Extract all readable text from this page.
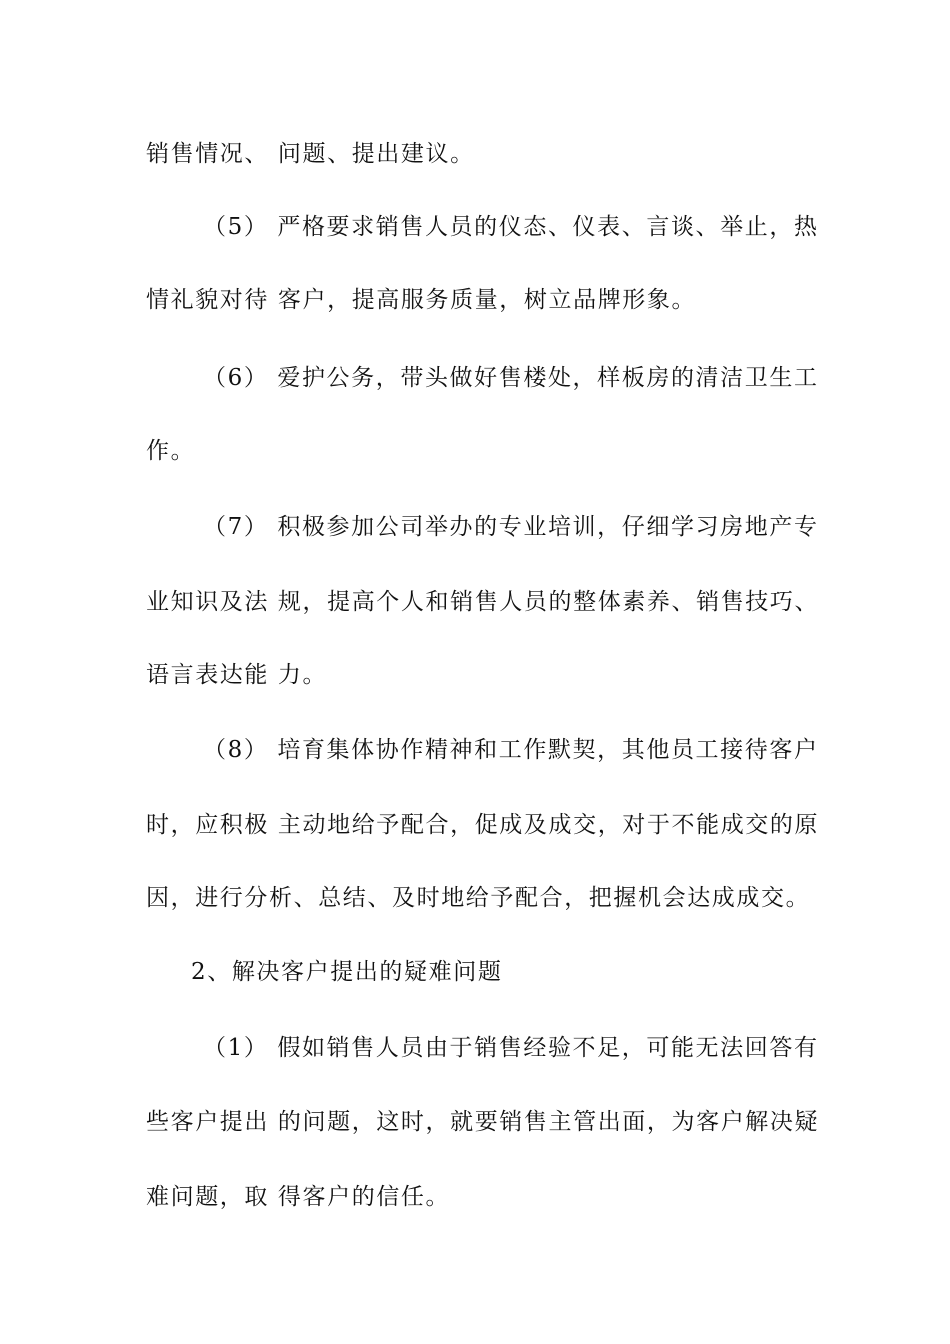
销售情况、 问题、提出建议。
（5） 严格要求销售人员的仪态、仪表、言谈、举止，热
情礼貌对待 客户，提高服务质量，树立品牌形象。
（6） 爱护公务，带头做好售楼处，样板房的清洁卫生工
作。
（7） 积极参加公司举办的专业培训，仔细学习房地产专
业知识及法 规，提高个人和销售人员的整体素养、销售技巧、
语言表达能 力。
（8） 培育集体协作精神和工作默契，其他员工接待客户
时，应积极 主动地给予配合，促成及成交，对于不能成交的原
因，进行分析、总结、及时地给予配合，把握机会达成成交。
2、解决客户提出的疑难问题
（1） 假如销售人员由于销售经验不足，可能无法回答有
些客户提出 的问题，这时，就要销售主管出面，为客户解决疑
难问题，取 得客户的信任。
